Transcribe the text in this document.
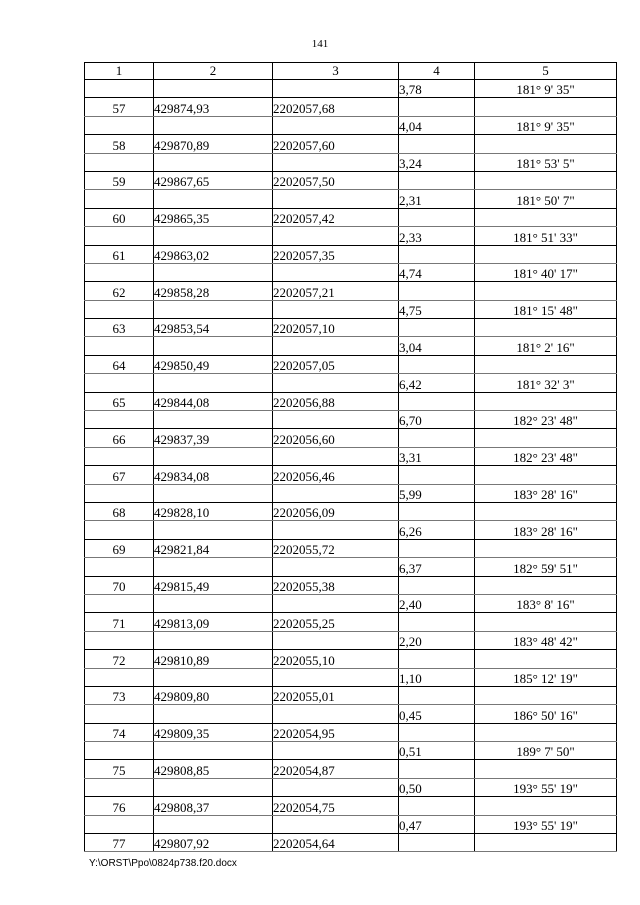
141
1	2	3	4	5
			3,78	181° 9' 35"
57	429874,93	2202057,68		
			4,04	181° 9' 35"
58	429870,89	2202057,60		
			3,24	181° 53' 5"
59	429867,65	2202057,50		
			2,31	181° 50' 7"
60	429865,35	2202057,42		
			2,33	181° 51' 33"
61	429863,02	2202057,35		
			4,74	181° 40' 17"
62	429858,28	2202057,21		
			4,75	181° 15' 48"
63	429853,54	2202057,10		
			3,04	181° 2' 16"
64	429850,49	2202057,05		
			6,42	181° 32' 3"
65	429844,08	2202056,88		
			6,70	182° 23' 48"
66	429837,39	2202056,60		
			3,31	182° 23' 48"
67	429834,08	2202056,46		
			5,99	183° 28' 16"
68	429828,10	2202056,09		
			6,26	183° 28' 16"
69	429821,84	2202055,72		
			6,37	182° 59' 51"
70	429815,49	2202055,38		
			2,40	183° 8' 16"
71	429813,09	2202055,25		
			2,20	183° 48' 42"
72	429810,89	2202055,10		
			1,10	185° 12' 19"
73	429809,80	2202055,01		
			0,45	186° 50' 16"
74	429809,35	2202054,95		
			0,51	189° 7' 50"
75	429808,85	2202054,87		
			0,50	193° 55' 19"
76	429808,37	2202054,75		
			0,47	193° 55' 19"
77	429807,92	2202054,64		
Y:\ORST\Ppo\0824p738.f20.docx
